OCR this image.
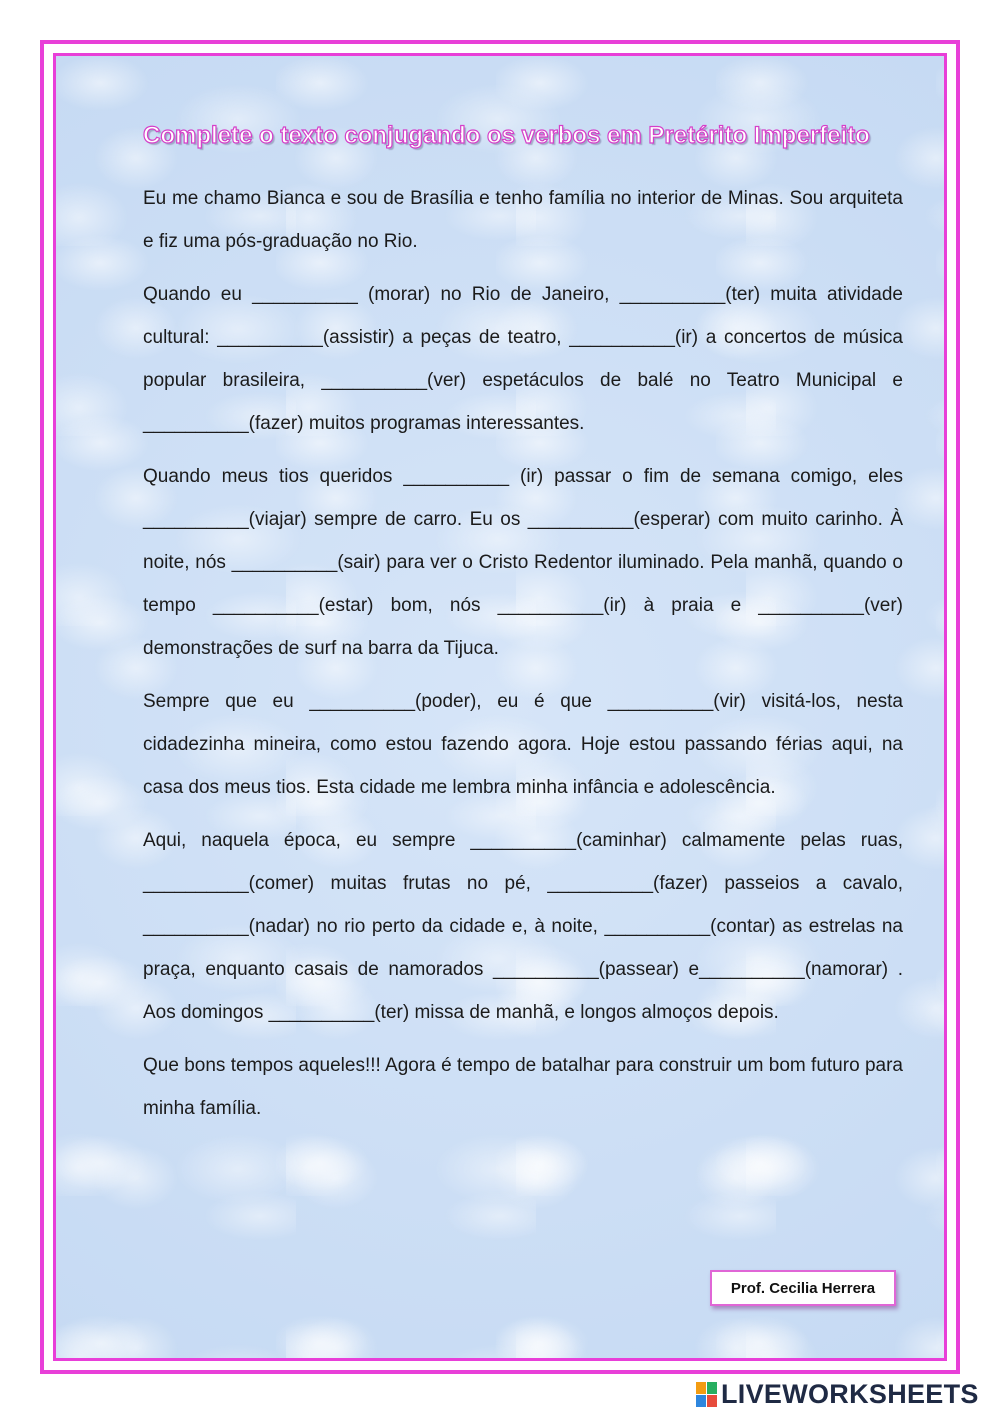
Complete o texto conjugando os verbos em Pretérito Imperfeito

Eu me chamo Bianca e sou de Brasília e tenho família no interior de Minas. Sou arquiteta e fiz uma pós-graduação no Rio.

Quando eu __________ (morar) no Rio de Janeiro, __________(ter) muita atividade cultural: __________(assistir) a peças de teatro, __________(ir) a concertos de música popular brasileira, __________(ver) espetáculos de balé no Teatro Municipal e __________(fazer) muitos programas interessantes.

Quando meus tios queridos __________ (ir) passar o fim de semana comigo, eles __________(viajar) sempre de carro. Eu os __________(esperar) com muito carinho. À noite, nós __________(sair) para ver o Cristo Redentor iluminado. Pela manhã, quando o tempo __________(estar) bom, nós __________(ir) à praia e __________(ver) demonstrações de surf na barra da Tijuca.

Sempre que eu __________(poder), eu é que __________(vir) visitá-los, nesta cidadezinha mineira, como estou fazendo agora. Hoje estou passando férias aqui, na casa dos meus tios. Esta cidade me lembra minha infância e adolescência.

Aqui, naquela época, eu sempre __________(caminhar) calmamente pelas ruas, __________(comer) muitas frutas no pé, __________(fazer) passeios a cavalo, __________(nadar) no rio perto da cidade e, à noite, __________(contar) as estrelas na praça, enquanto casais de namorados __________(passear) e__________(namorar) . Aos domingos __________(ter) missa de manhã, e longos almoços depois.

Que bons tempos aqueles!!! Agora é tempo de batalhar para construir um bom futuro para minha família.

Prof. Cecilia Herrera
LIVEWORKSHEETS
